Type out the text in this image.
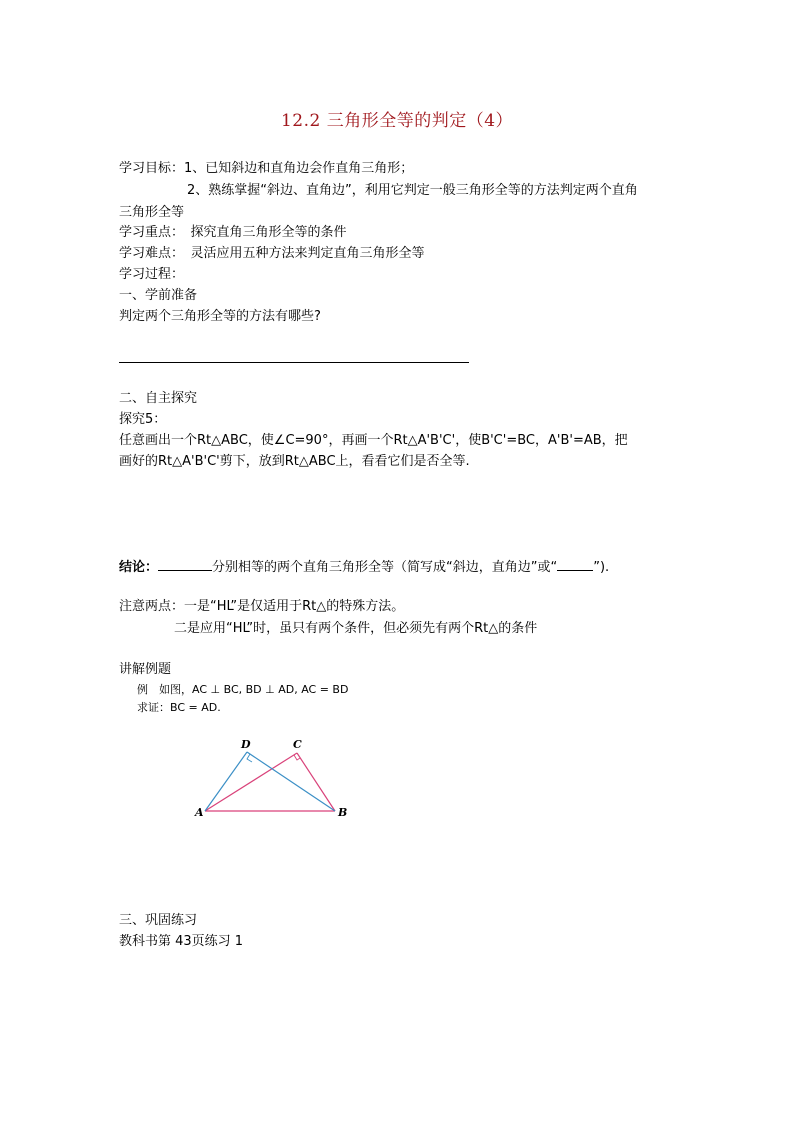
12.2 三角形全等的判定（4）
学习目标：1、已知斜边和直角边会作直角三角形；
2、熟练掌握“斜边、直角边”，利用它判定一般三角形全等的方法判定两个直角
三角形全等
学习重点：　探究直角三角形全等的条件
学习难点：　灵活应用五种方法来判定直角三角形全等
学习过程：
一、学前准备
判定两个三角形全等的方法有哪些?
二、自主探究
探究5：
任意画出一个Rt△ABC，使∠C=90°，再画一个Rt△A'B'C'，使B'C'=BC，A'B'=AB，把
画好的Rt△A'B'C'剪下，放到Rt△ABC上，看看它们是否全等.
结论：	分别相等的两个直角三角形全等（简写成“斜边，直角边”或“	”).
注意两点：一是“HL”是仅适用于Rt△的特殊方法。
二是应用“HL”时，虽只有两个条件，但必须先有两个Rt△的条件
讲解例题
例　如图，AC ⊥ BC, BD ⊥ AD, AC = BD
求证：BC = AD.
A	B
C
D
三、巩固练习
教科书第 43页练习 1
